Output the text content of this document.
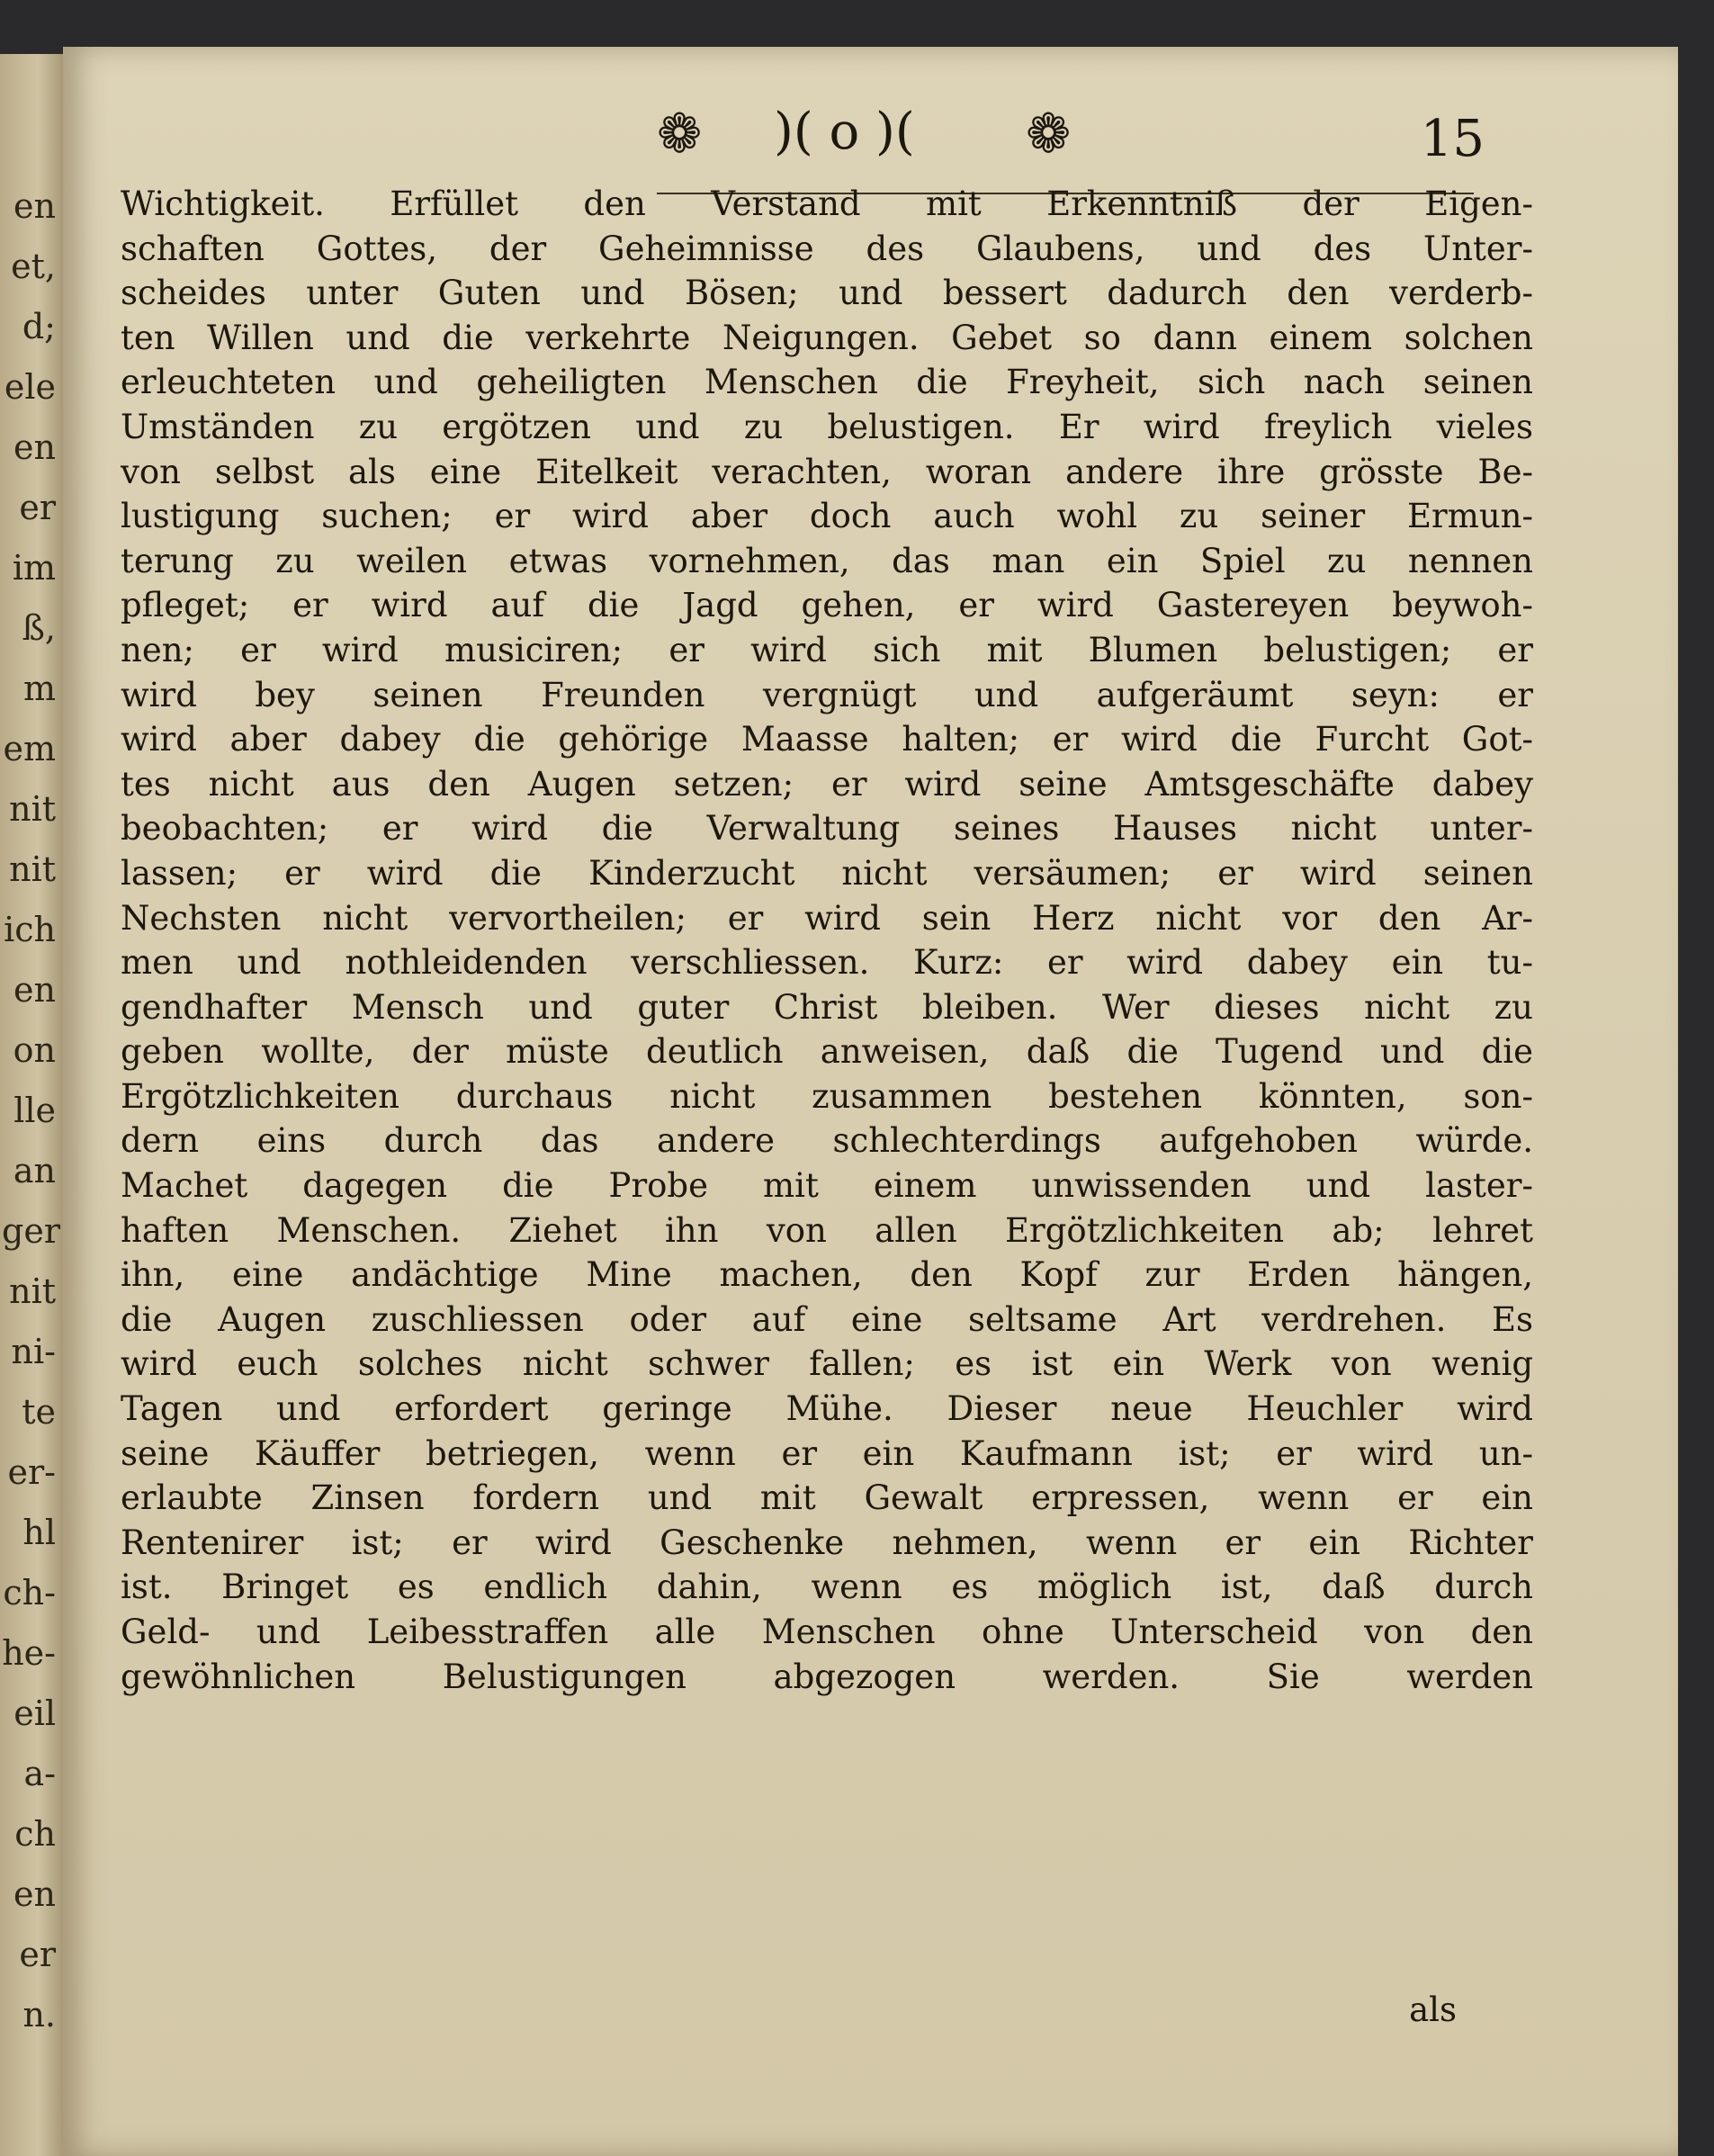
en
et,
d;
ele
en
er
im
ß,
m
em
nit
nit
ich
en
on
lle
an
ger
nit
ni-
te
er-
hl
ch-
he-
eil
a-
ch
en
er
n.
❁ )( o )( ❁	15
Wichtigkeit. Erfüllet den Verstand mit Erkenntniß der Eigen-
schaften Gottes, der Geheimnisse des Glaubens, und des Unter-
scheides unter Guten und Bösen; und bessert dadurch den verderb-
ten Willen und die verkehrte Neigungen. Gebet so dann einem solchen
erleuchteten und geheiligten Menschen die Freyheit, sich nach seinen
Umständen zu ergötzen und zu belustigen. Er wird freylich vieles
von selbst als eine Eitelkeit verachten, woran andere ihre grösste Be-
lustigung suchen; er wird aber doch auch wohl zu seiner Ermun-
terung zu weilen etwas vornehmen, das man ein Spiel zu nennen
pfleget; er wird auf die Jagd gehen, er wird Gastereyen beywoh-
nen; er wird musiciren; er wird sich mit Blumen belustigen; er
wird bey seinen Freunden vergnügt und aufgeräumt seyn: er
wird aber dabey die gehörige Maasse halten; er wird die Furcht Got-
tes nicht aus den Augen setzen; er wird seine Amtsgeschäfte dabey
beobachten; er wird die Verwaltung seines Hauses nicht unter-
lassen; er wird die Kinderzucht nicht versäumen; er wird seinen
Nechsten nicht vervortheilen; er wird sein Herz nicht vor den Ar-
men und nothleidenden verschliessen. Kurz: er wird dabey ein tu-
gendhafter Mensch und guter Christ bleiben. Wer dieses nicht zu
geben wollte, der müste deutlich anweisen, daß die Tugend und die
Ergötzlichkeiten durchaus nicht zusammen bestehen könnten, son-
dern eins durch das andere schlechterdings aufgehoben würde.
Machet dagegen die Probe mit einem unwissenden und laster-
haften Menschen. Ziehet ihn von allen Ergötzlichkeiten ab; lehret
ihn, eine andächtige Mine machen, den Kopf zur Erden hängen,
die Augen zuschliessen oder auf eine seltsame Art verdrehen. Es
wird euch solches nicht schwer fallen; es ist ein Werk von wenig
Tagen und erfordert geringe Mühe. Dieser neue Heuchler wird
seine Käuffer betriegen, wenn er ein Kaufmann ist; er wird un-
erlaubte Zinsen fordern und mit Gewalt erpressen, wenn er ein
Rentenirer ist; er wird Geschenke nehmen, wenn er ein Richter
ist. Bringet es endlich dahin, wenn es möglich ist, daß durch
Geld- und Leibesstraffen alle Menschen ohne Unterscheid von den
gewöhnlichen Belustigungen abgezogen werden. Sie werden
als
